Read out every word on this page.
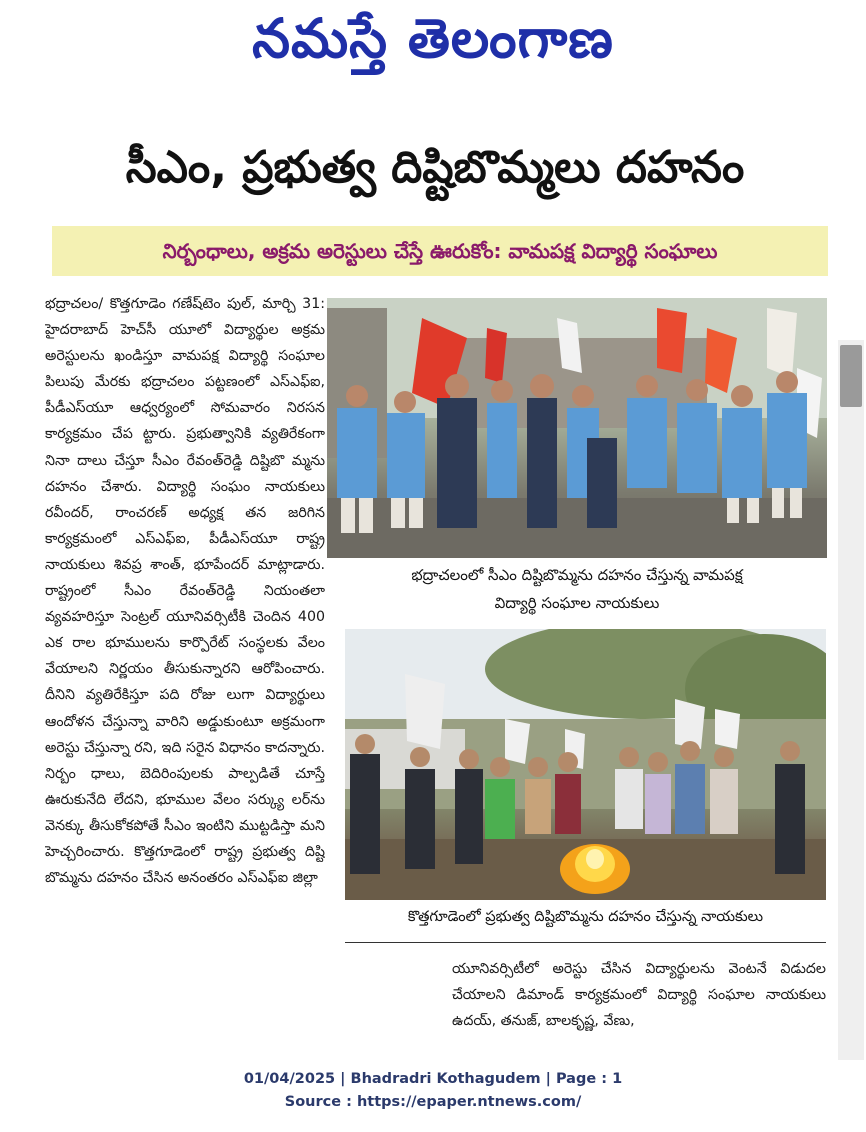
నమస్తే తెలంగాణ
సీఎం, ప్రభుత్వ దిష్టిబొమ్మలు దహనం
నిర్బంధాలు, అక్రమ అరెస్టులు చేస్తే ఊరుకోం: వామపక్ష విద్యార్థి సంఘాలు

భద్రాచలం/ కొత్తగూడెం గణేష్‌టెం పుల్, మార్చి 31: హైదరాబాద్ హెచ్‌సీ యూలో విద్యార్థుల అక్రమ అరెస్టులను ఖండిస్తూ వామపక్ష విద్యార్థి సంఘాల పిలుపు మేరకు భద్రాచలం పట్టణంలో ఎస్‌ఎఫ్‌ఐ, పీడీఎస్‌యూ ఆధ్వర్యంలో సోమవారం నిరసన కార్యక్రమం చేప ట్టారు. ప్రభుత్వానికి వ్యతిరేకంగా నినా దాలు చేస్తూ సీఎం రేవంత్‌రెడ్డి దిష్టిబొ మ్మను దహనం చేశారు. విద్యార్థి సంఘం నాయకులు రవీందర్, రాంచరణ్ అధ్యక్ష తన జరిగిన కార్యక్రమంలో ఎస్‌ఎఫ్‌ఐ, పీడీఎస్‌యూ రాష్ట్ర నాయకులు శివప్ర శాంత్, భూపేందర్ మాట్లాడారు. రాష్ట్రంలో సీఎం రేవంత్‌రెడ్డి నియంతలా వ్యవహరిస్తూ సెంట్రల్ యూనివర్సిటీకి చెందిన 400 ఎక రాల భూములను కార్పొరేట్ సంస్థలకు వేలం వేయాలని నిర్ణయం తీసుకున్నారని ఆరోపించారు. దీనిని వ్యతిరేకిస్తూ పది రోజు లుగా విద్యార్థులు ఆందోళన చేస్తున్నా వారిని అడ్డుకుంటూ అక్రమంగా అరెస్టు చేస్తున్నా రని, ఇది సరైన విధానం కాదన్నారు. నిర్బం ధాలు, బెదిరింపులకు పాల్పడితే చూస్తే ఊరుకునేది లేదని, భూముల వేలం సర్క్యు లర్‌ను వెనక్కు తీసుకోకపోతే సీఎం ఇంటిని ముట్టడిస్తా మని హెచ్చరించారు. కొత్తగూడెంలో రాష్ట్ర ప్రభుత్వ దిష్టి బొమ్మను దహనం చేసిన అనంతరం ఎస్‌ఎఫ్‌ఐ జిల్లా

భద్రాచలంలో సీఎం దిష్టిబొమ్మను దహనం చేస్తున్న వామపక్ష
విద్యార్థి సంఘాల నాయకులు
కొత్తగూడెంలో ప్రభుత్వ దిష్టిబొమ్మను దహనం చేస్తున్న నాయకులు

యూనివర్సిటీలో అరెస్టు చేసిన విద్యార్థులను వెంటనే విడుదల చేయాలని డిమాండ్ కార్యక్రమంలో విద్యార్థి సంఘాల నాయకులు ఉదయ్, తనుజ్, బాలకృష్ణ, వేణు,

01/04/2025 | Bhadradri Kothagudem | Page : 1
Source : https://epaper.ntnews.com/
